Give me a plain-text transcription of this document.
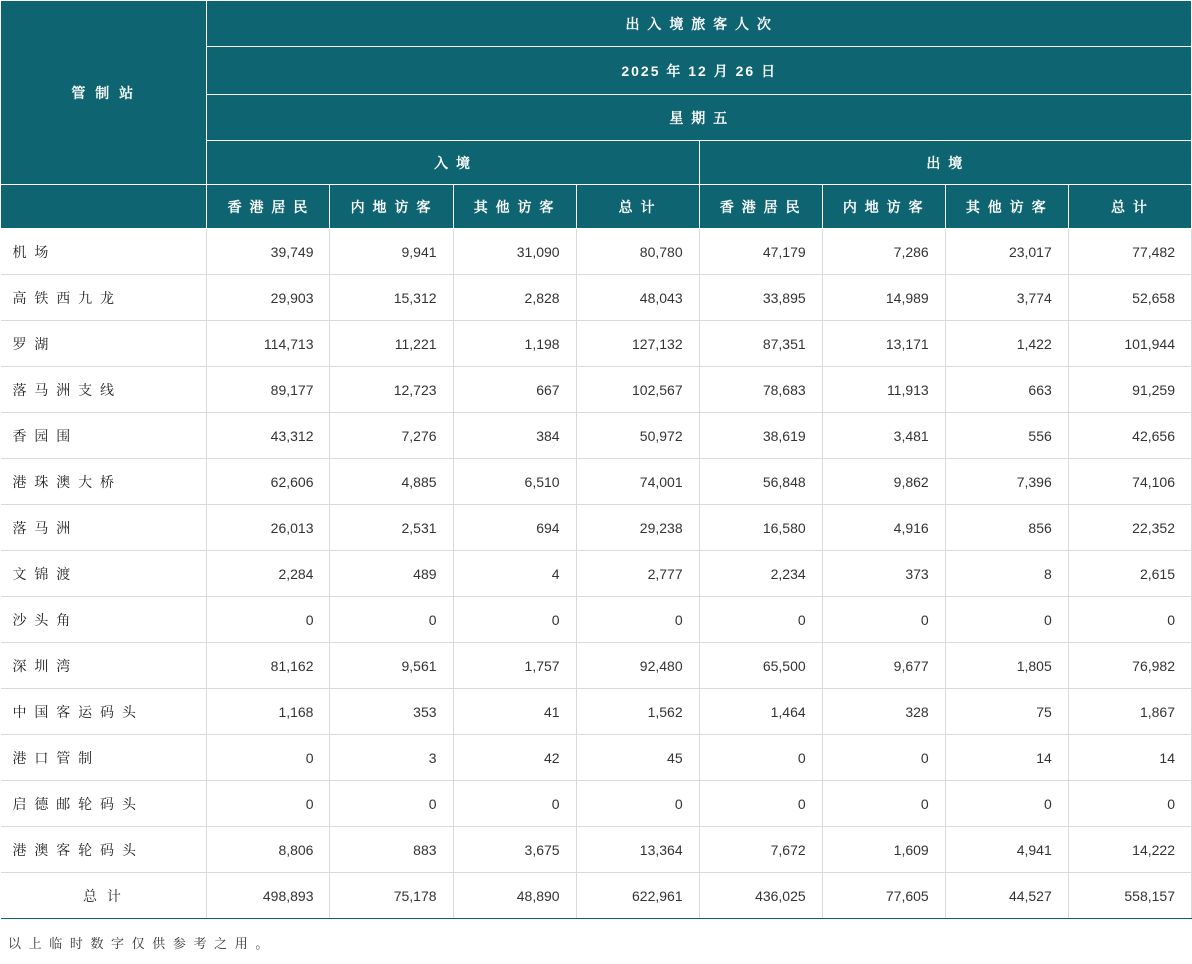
管 制 站	出 入 境 旅 客 人 次							
	2025 年 12 月 26 日							
	星 期 五							
	入 境				出 境			
	香 港 居 民	内 地 访 客	其 他 访 客	总 计	香 港 居 民	内 地 访 客	其 他 访 客	总 计
机 场	39,749	9,941	31,090	80,780	47,179	7,286	23,017	77,482
高 铁 西 九 龙	29,903	15,312	2,828	48,043	33,895	14,989	3,774	52,658
罗 湖	114,713	11,221	1,198	127,132	87,351	13,171	1,422	101,944
落 马 洲 支 线	89,177	12,723	667	102,567	78,683	11,913	663	91,259
香 园 围	43,312	7,276	384	50,972	38,619	3,481	556	42,656
港 珠 澳 大 桥	62,606	4,885	6,510	74,001	56,848	9,862	7,396	74,106
落 马 洲	26,013	2,531	694	29,238	16,580	4,916	856	22,352
文 锦 渡	2,284	489	4	2,777	2,234	373	8	2,615
沙 头 角	0	0	0	0	0	0	0	0
深 圳 湾	81,162	9,561	1,757	92,480	65,500	9,677	1,805	76,982
中 国 客 运 码 头	1,168	353	41	1,562	1,464	328	75	1,867
港 口 管 制	0	3	42	45	0	0	14	14
启 德 邮 轮 码 头	0	0	0	0	0	0	0	0
港 澳 客 轮 码 头	8,806	883	3,675	13,364	7,672	1,609	4,941	14,222
总 计	498,893	75,178	48,890	622,961	436,025	77,605	44,527	558,157
以 上 临 时 数 字 仅 供 参 考 之 用 。
